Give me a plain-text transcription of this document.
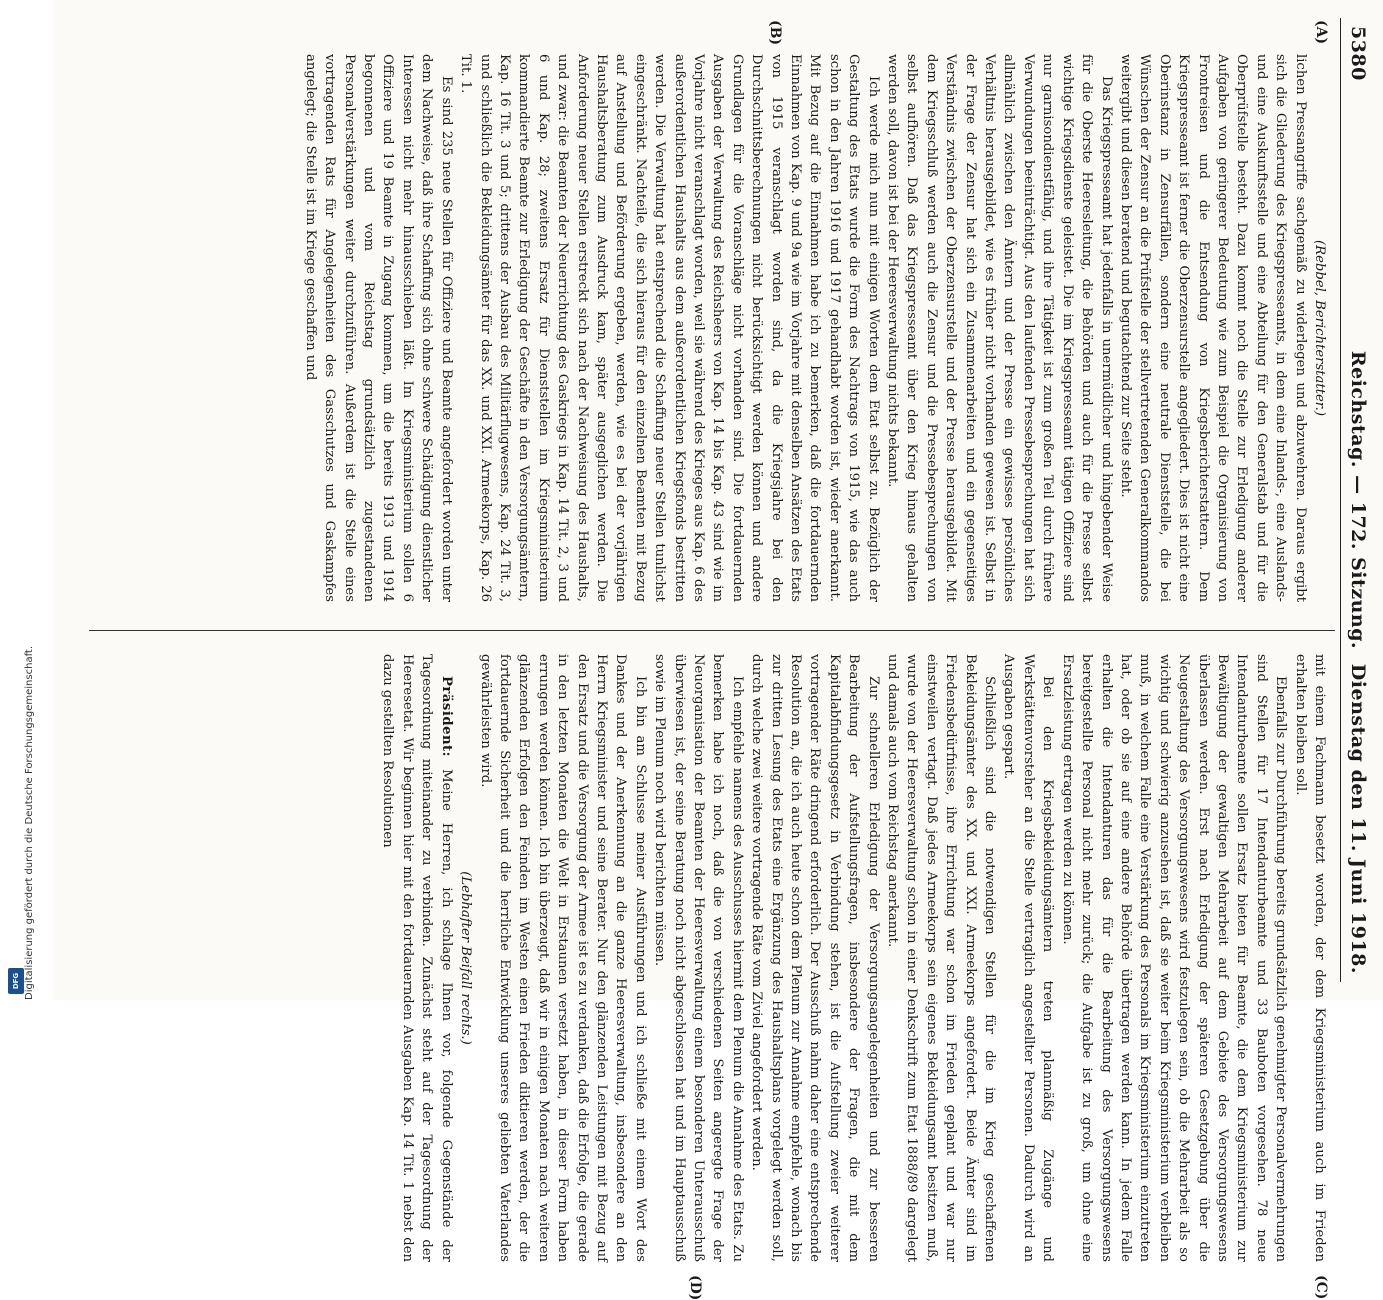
5380
Reichstag. — 172. Sitzung.
Dienstag den 11. Juni 1918.
(A)
(B)
(C)
(D)

(Rebbel, Berichterstatter.)

lichen Pressangriffe sachgemäß zu widerlegen und abzuwehren. Daraus ergibt sich die Gliederung des Kriegspresseamts, in dem eine Inlands-, eine Auslands- und eine Auskunftsstelle und eine Abteilung für den Generalstab und für die Oberprüfstelle besteht. Dazu kommt noch die Stelle zur Erledigung anderer Aufgaben von geringerer Bedeutung wie zum Beispiel die Organisierung von Frontreisen und die Entsendung von Kriegsberichterstattern. Dem Kriegspresseamt ist ferner die Oberzensurstelle angegliedert. Dies ist nicht eine Oberinstanz in Zensurfällen, sondern eine neutrale Dienststelle, die bei Wünschen der Zensur an die Prüfstelle der stellvertretenden Generalkommandos weitergibt und diesen beratend und begutachtend zur Seite steht.

Das Kriegspresseamt hat jedenfalls in unermüdlicher und hingebender Weise für die Oberste Heeresleitung, die Behörden und auch für die Presse selbst wichtige Kriegsdienste geleistet. Die im Kriegspresseamt tätigen Offiziere sind nur garnisondienstfähig, und ihre Tätigkeit ist zum großen Teil durch frühere Verwundungen beeinträchtigt. Aus den laufenden Pressebesprechungen hat sich allmählich zwischen den Ämtern und der Presse ein gewisses persönliches Verhältnis herausgebildet, wie es früher nicht vorhanden gewesen ist. Selbst in der Frage der Zensur hat sich ein Zusammenarbeiten und ein gegenseitiges Verständnis zwischen der Oberzensurstelle und der Presse herausgebildet. Mit dem Kriegsschluß werden auch die Zensur und die Pressebesprechungen von selbst aufhören. Daß das Kriegspresseamt über den Krieg hinaus gehalten werden soll, davon ist bei der Heeresverwaltung nichts bekannt.

Ich werde mich nun mit einigen Worten dem Etat selbst zu. Bezüglich der Gestaltung des Etats wurde die Form des Nachtrags von 1915, wie das auch schon in den Jahren 1916 und 1917 gehandhabt worden ist, wieder anerkannt. Mit Bezug auf die Einnahmen habe ich zu bemerken, daß die fortdauernden Einnahmen von Kap. 9 und 9a wie im Vorjahre mit denselben Ansätzen des Etats von 1915 veranschlagt worden sind, da die Kriegsjahre bei den Durchschnittsberechnungen nicht berücksichtigt werden können und andere Grundlagen für die Voranschläge nicht vorhanden sind. Die fortdauernden Ausgaben der Verwaltung des Reichsheers von Kap. 14 bis Kap. 43 sind wie im Vorjahre nicht veranschlagt worden, weil sie während des Krieges aus Kap. 6 des außerordentlichen Haushalts aus dem außerordentlichen Kriegsfonds bestritten werden. Die Verwaltung hat entsprechend die Schaffung neuer Stellen tunlichst eingeschränkt. Nachteile, die sich hieraus für den einzelnen Beamten mit Bezug auf Anstellung und Beförderung ergeben, werden, wie es bei der vorjährigen Haushaltsberatung zum Ausdruck kam, später ausgeglichen werden. Die Anforderung neuer Stellen erstreckt sich nach der Nachweisung des Haushalts, und zwar: die Beamten der Neuerrichtung des Gaskriegs in Kap. 14 Tit. 2, 3 und 6 und Kap. 28; zweitens Ersatz für Dienststellen im Kriegsministerium kommandierte Beamte zur Erledigung der Geschäfte in den Versorgungsämtern, Kap. 16 Tit. 3 und 5; drittens der Ausbau des Militärflugwesens, Kap. 24 Tit. 3, und schließlich die Bekleidungsämter für das XX. und XXI. Armeekorps, Kap. 26 Tit. 1.

Es sind 235 neue Stellen für Offiziere und Beamte angefordert worden unter dem Nachweise, daß ihre Schaffung sich ohne schwere Schädigung dienstlicher Interessen nicht mehr hinausschieben läßt. Im Kriegsministerium sollen 6 Offiziere und 19 Beamte in Zugang kommen, um die bereits 1913 und 1914 begonnenen und vom Reichstag grundsätzlich zugestandenen Personalverstärkungen weiter durchzuführen. Außerdem ist die Stelle eines vortragenden Rats für Angelegenheiten des Gasschutzes und Gaskampfes angelegt; die Stelle ist im Kriege geschaffen und

mit einem Fachmann besetzt worden, der dem Kriegsministerium auch im Frieden erhalten bleiben soll.

Ebenfalls zur Durchführung bereits grundsätzlich genehmigter Personalvermehrungen sind Stellen für 17 Intendanturbeamte und 33 Bauboten vorgesehen. 78 neue Intendanturbeamte sollen Ersatz bieten für Beamte, die dem Kriegsministerium zur Bewältigung der gewaltigen Mehrarbeit auf dem Gebiete des Versorgungswesens überlassen werden. Erst nach Erledigung der späteren Gesetzgebung über die Neugestaltung des Versorgungswesens wird festzulegen sein, ob die Mehrarbeit als so wichtig und schwierig anzusehen ist, daß sie weiter beim Kriegsministerium verbleiben muß, in welchem Falle eine Verstärkung des Personals im Kriegsministerium einzutreten hat, oder ob sie auf eine andere Behörde übertragen werden kann. In jedem Falle erhalten die Intendanturen das für die Bearbeitung des Versorgungswesens bereitgestellte Personal nicht mehr zurück; die Aufgabe ist zu groß, um ohne eine Ersatzleistung ertragen werden zu können.

Bei den Kriegsbekleidungsämtern treten planmäßig Zugänge und Werkstättenvorsteher an die Stelle vertraglich angestellter Personen. Dadurch wird an Ausgaben gespart.

Schließlich sind die notwendigen Stellen für die im Krieg geschaffenen Bekleidungsämter des XX. und XXI. Armeekorps angefordert. Beide Ämter sind im Friedensbedürfnisse, ihre Errichtung war schon im Frieden geplant und war nur einstweilen vertagt. Daß jedes Armeekorps sein eigenes Bekleidungsamt besitzen muß, wurde von der Heeresverwaltung schon in einer Denkschrift zum Etat 1888/89 dargelegt und damals auch vom Reichstag anerkannt.

Zur schnelleren Erledigung der Versorgungsangelegenheiten und zur besseren Bearbeitung der Aufstellungsfragen, insbesondere der Fragen, die mit dem Kapitalabfindungsgesetz in Verbindung stehen, ist die Aufstellung zweier weiterer vortragender Räte dringend erforderlich. Der Ausschuß nahm daher eine entsprechende Resolution an, die ich auch heute schon dem Plenum zur Annahme empfehle, wonach bis zur dritten Lesung des Etats eine Ergänzung des Haushaltsplans vorgelegt werden soll, durch welche zwei weitere vortragende Räte vom Ziviel angefordert werden.

Ich empfehle namens des Ausschusses hiermit dem Plenum die Annahme des Etats. Zu bemerken habe ich noch, daß die von verschiedenen Seiten angeregte Frage der Neuorganisation der Beamten der Heeresverwaltung einem besonderen Unterausschuß überwiesen ist, der seine Beratung noch nicht abgeschlossen hat und im Hauptausschuß sowie im Plenum noch wird berichten müssen.

Ich bin am Schlusse meiner Ausführungen und ich schließe mit einem Wort des Dankes und der Anerkennung an die ganze Heeresverwaltung, insbesondere an den Herrn Kriegsminister und seine Berater. Nur den glänzenden Leistungen mit Bezug auf den Ersatz und die Versorgung der Armee ist es zu verdanken, daß die Erfolge, die gerade in den letzten Monaten die Welt in Erstaunen versetzt haben, in dieser Form haben errungen werden können. Ich bin überzeugt, daß wir in einigen Monaten nach weiteren glänzenden Erfolgen den Feinden im Westen einen Frieden diktieren werden, der die fortdauernde Sicherheit und die herrliche Entwicklung unseres geliebten Vaterlandes gewährleisten wird.

(Lebhafter Beifall rechts.)

Präsident: Meine Herren, ich schlage Ihnen vor, folgende Gegenstände der Tagesordnung miteinander zu verbinden. Zunächst steht auf der Tagesordnung der Heeresetat. Wir beginnen hier mit den fortdauernden Ausgaben Kap. 14 Tit. 1 nebst den dazu gestellten Resolutionen

Digitalisierung gefördert durch die Deutsche Forschungsgemeinschaft.
DFG
